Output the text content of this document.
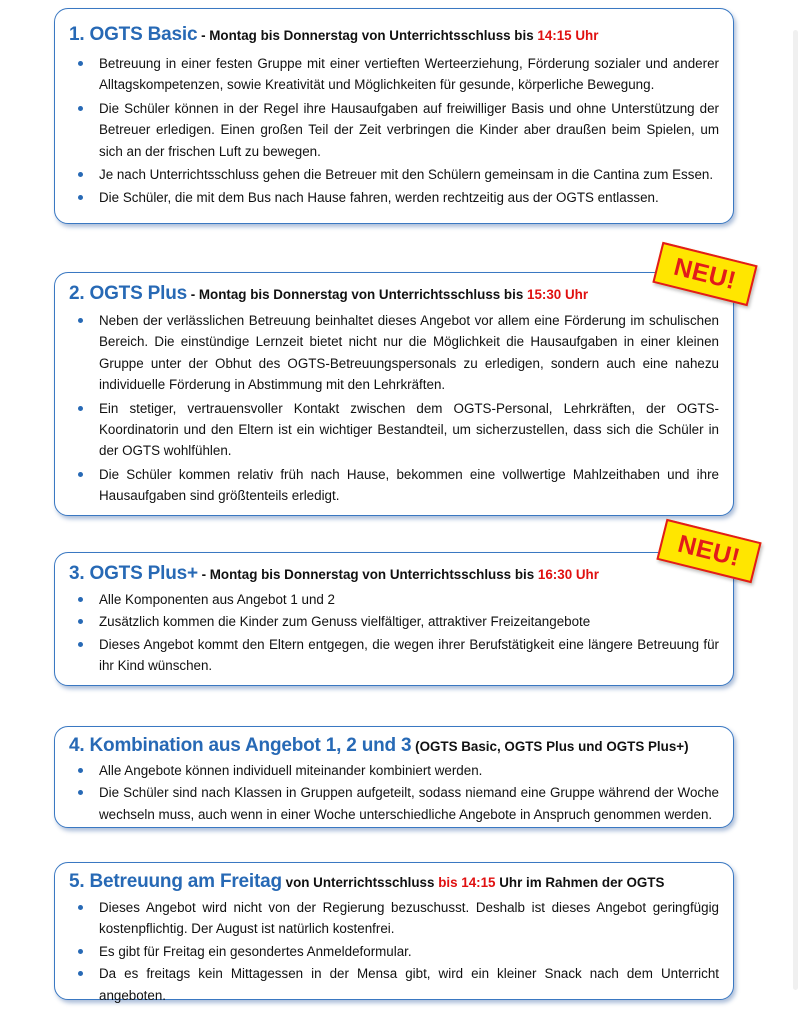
1. OGTS Basic - Montag bis Donnerstag von Unterrichtsschluss bis 14:15 Uhr
Betreuung in einer festen Gruppe mit einer vertieften Werteerziehung, Förderung sozialer und anderer Alltagskompetenzen, sowie Kreativität und Möglichkeiten für gesunde, körperliche Bewegung.
Die Schüler können in der Regel ihre Hausaufgaben auf freiwilliger Basis und ohne Unterstützung der Betreuer erledigen. Einen großen Teil der Zeit verbringen die Kinder aber draußen beim Spielen, um sich an der frischen Luft zu bewegen.
Je nach Unterrichtsschluss gehen die Betreuer mit den Schülern gemeinsam in die Cantina zum Essen.
Die Schüler, die mit dem Bus nach Hause fahren, werden rechtzeitig aus der OGTS entlassen.
2. OGTS Plus - Montag bis Donnerstag von Unterrichtsschluss bis 15:30 Uhr
Neben der verlässlichen Betreuung beinhaltet dieses Angebot vor allem eine Förderung im schulischen Bereich. Die einstündige Lernzeit bietet nicht nur die Möglichkeit die Hausaufgaben in einer kleinen Gruppe unter der Obhut des OGTS-Betreuungspersonals zu erledigen, sondern auch eine nahezu individuelle Förderung in Abstimmung mit den Lehrkräften.
Ein stetiger, vertrauensvoller Kontakt zwischen dem OGTS-Personal, Lehrkräften, der OGTS-Koordinatorin und den Eltern ist ein wichtiger Bestandteil, um sicherzustellen, dass sich die Schüler in der OGTS wohlfühlen.
Die Schüler kommen relativ früh nach Hause, bekommen eine vollwertige Mahlzeithaben und ihre Hausaufgaben sind größtenteils erledigt.
NEU!
3. OGTS Plus+ - Montag bis Donnerstag von Unterrichtsschluss bis 16:30 Uhr
Alle Komponenten aus Angebot 1 und 2
Zusätzlich kommen die Kinder zum Genuss vielfältiger, attraktiver Freizeitangebote
Dieses Angebot kommt den Eltern entgegen, die wegen ihrer Berufstätigkeit eine längere Betreuung für ihr Kind wünschen.
NEU!
4. Kombination aus Angebot 1, 2 und 3 (OGTS Basic, OGTS Plus und OGTS Plus+)
Alle Angebote können individuell miteinander kombiniert werden.
Die Schüler sind nach Klassen in Gruppen aufgeteilt, sodass niemand eine Gruppe während der Woche wechseln muss, auch wenn in einer Woche unterschiedliche Angebote in Anspruch genommen werden.
5. Betreuung am Freitag von Unterrichtsschluss bis 14:15 Uhr im Rahmen der OGTS
Dieses Angebot wird nicht von der Regierung bezuschusst. Deshalb ist dieses Angebot geringfügig kostenpflichtig. Der August ist natürlich kostenfrei.
Es gibt für Freitag ein gesondertes Anmeldeformular.
Da es freitags kein Mittagessen in der Mensa gibt, wird ein kleiner Snack nach dem Unterricht angeboten.
